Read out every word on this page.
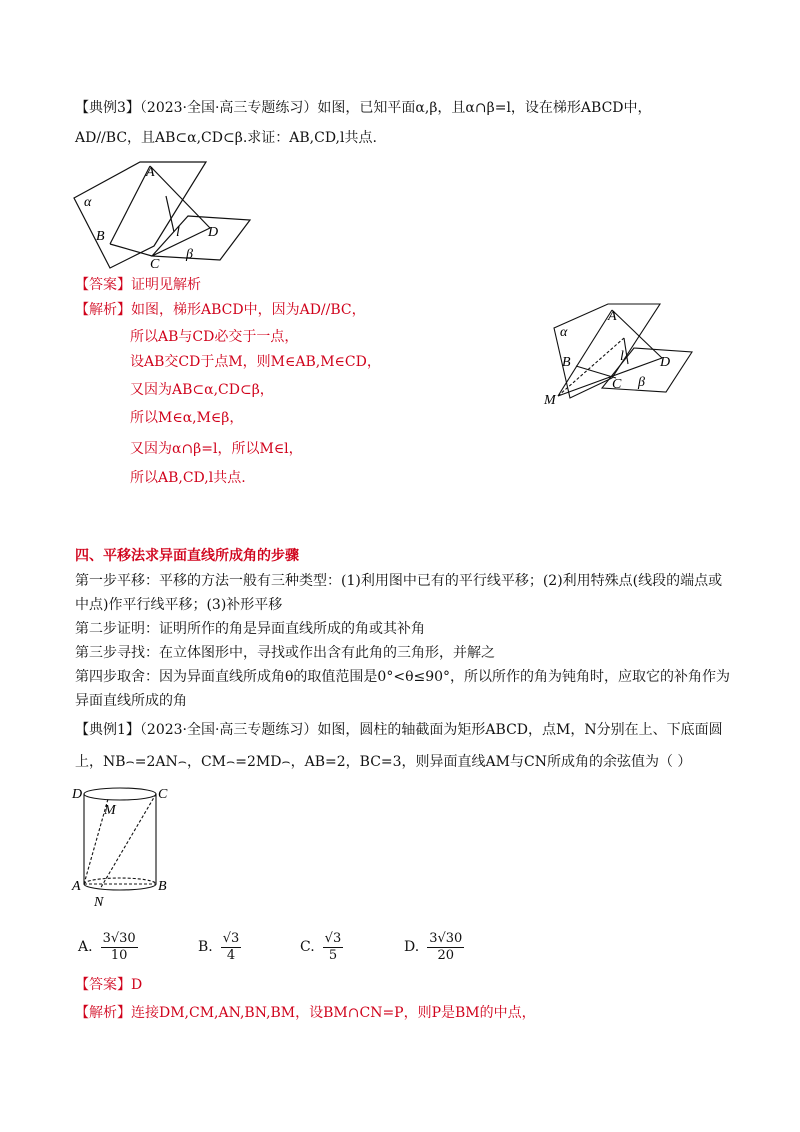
【典例3】（2023·全国·高三专题练习）如图，已知平面α,β，且α∩β=l，设在梯形ABCD中，
AD//BC，且AB⊂α,CD⊂β.求证：AB,CD,l共点.
α
A
B	l D
C
β
【答案】证明见解析
【解析】如图，梯形ABCD中，因为AD//BC，
所以AB与CD必交于一点，
设AB交CD于点M，则M∈AB,M∈CD，
又因为AB⊂α,CD⊂β，
所以M∈α,M∈β，
又因为α∩β=l，所以M∈l，
所以AB,CD,l共点.
α
A
B	l	D
C β
M
四、平移法求异面直线所成角的步骤
第一步平移：平移的方法一般有三种类型：(1)利用图中已有的平行线平移；(2)利用特殊点(线段的端点或
中点)作平行线平移；(3)补形平移
第二步证明：证明所作的角是异面直线所成的角或其补角
第三步寻找：在立体图形中，寻找或作出含有此角的三角形，并解之
第四步取舍：因为异面直线所成角θ的取值范围是0°<θ≤90°，所以所作的角为钝角时，应取它的补角作为
异面直线所成的角
【典例1】（2023·全国·高三专题练习）如图，圆柱的轴截面为矩形ABCD，点M，N分别在上、下底面圆
上，NB⌢=2AN⌢，CM⌢=2MD⌢，AB=2，BC=3，则异面直线AM与CN所成角的余弦值为（ ）
D	C
M
A	B
N
A. $\frac{3√30}{10}$	B. $\frac{√3}{4}$	C. $\frac{√3}{5}$	D. $\frac{3√30}{20}$
【答案】D
【解析】连接DM,CM,AN,BN,BM，设BM∩CN=P，则P是BM的中点，
